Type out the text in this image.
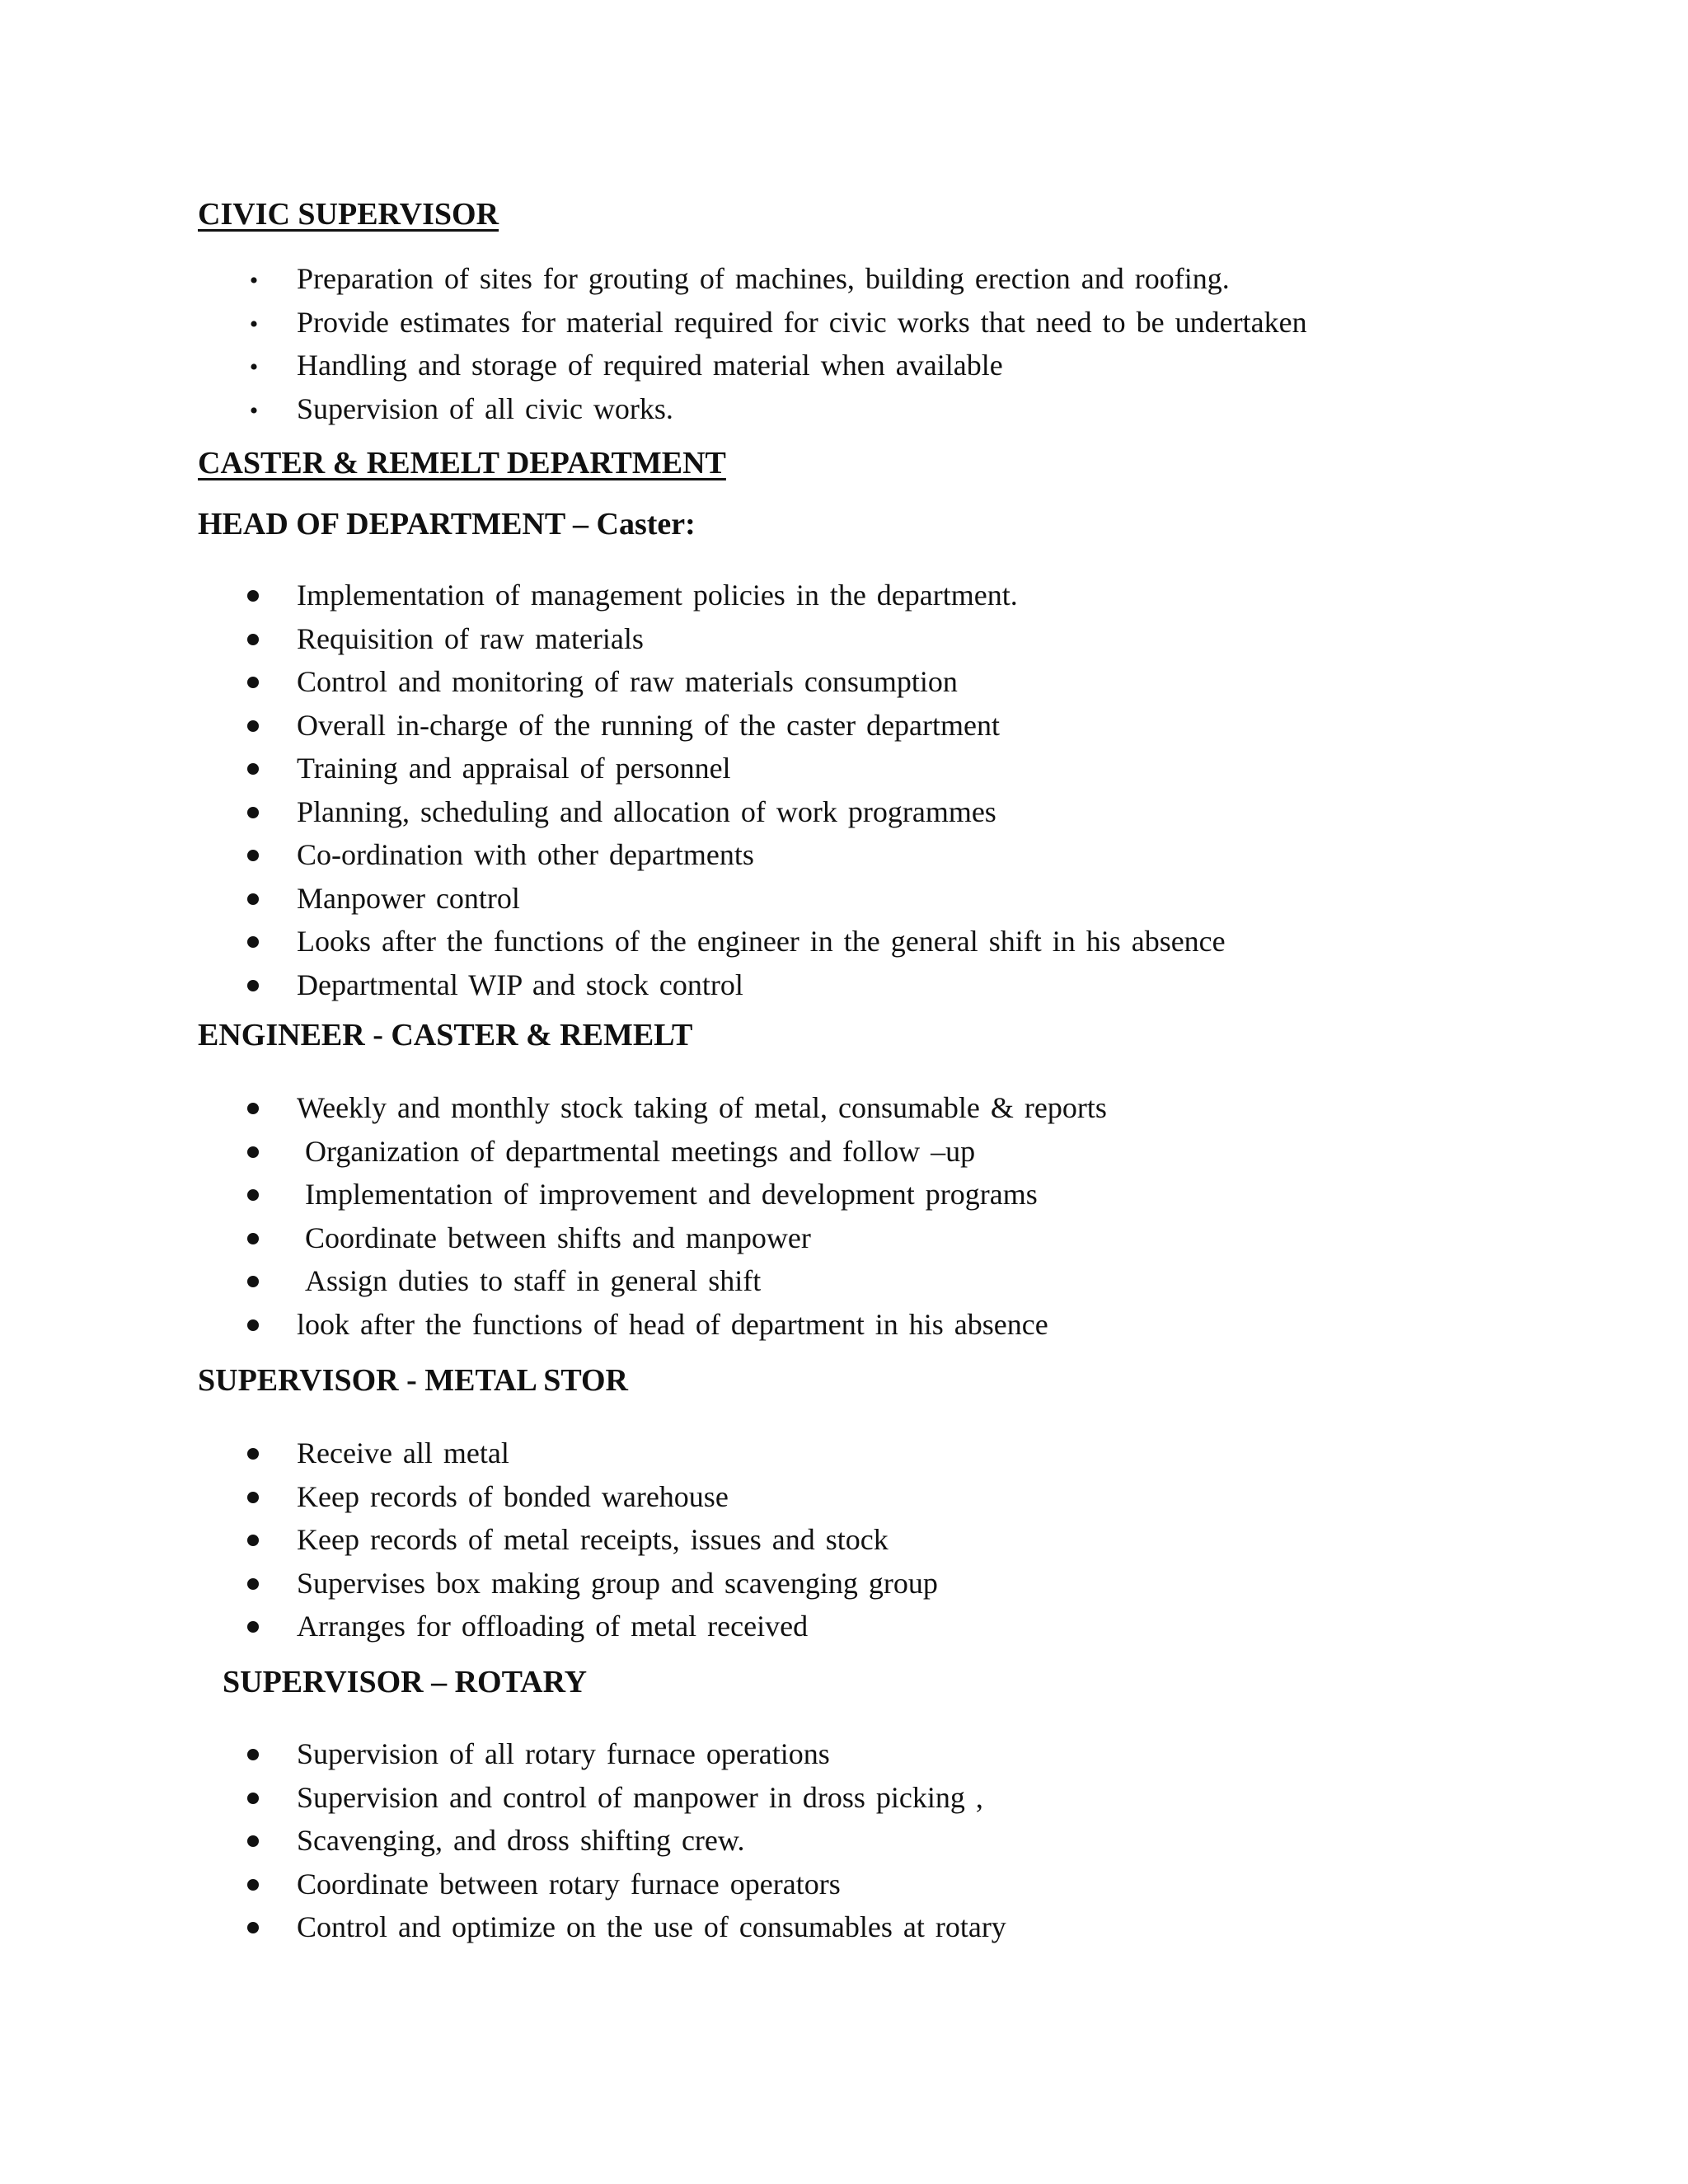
CIVIC SUPERVISOR
•
Preparation of sites for grouting of machines, building erection and roofing.
•
Provide estimates for material required for civic works that need to be undertaken
•
Handling and storage of required material when available
•
Supervision of all civic works.
CASTER & REMELT DEPARTMENT
HEAD OF DEPARTMENT – Caster:
Implementation of management policies in the department.
Requisition of raw materials
Control and monitoring of raw materials consumption
Overall in-charge of the running of the caster department
Training and appraisal of personnel
Planning, scheduling and allocation of work programmes
Co-ordination with other departments
Manpower control
Looks after the functions of the engineer in the general shift in his absence
Departmental WIP and stock control
ENGINEER - CASTER & REMELT
Weekly and monthly stock taking of metal, consumable & reports
Organization of departmental meetings and follow –up
Implementation of improvement and development programs
Coordinate between shifts and manpower
Assign duties to staff in general shift
look after the functions of head of department in his absence
SUPERVISOR - METAL STOR
Receive all metal
Keep records of bonded warehouse
Keep records of metal receipts, issues and stock
Supervises box making group and scavenging group
Arranges for offloading of metal received
SUPERVISOR – ROTARY
Supervision of all rotary furnace operations
Supervision and control of manpower in dross picking ,
Scavenging, and dross shifting crew.
Coordinate between rotary furnace operators
Control and optimize on the use of consumables at rotary
